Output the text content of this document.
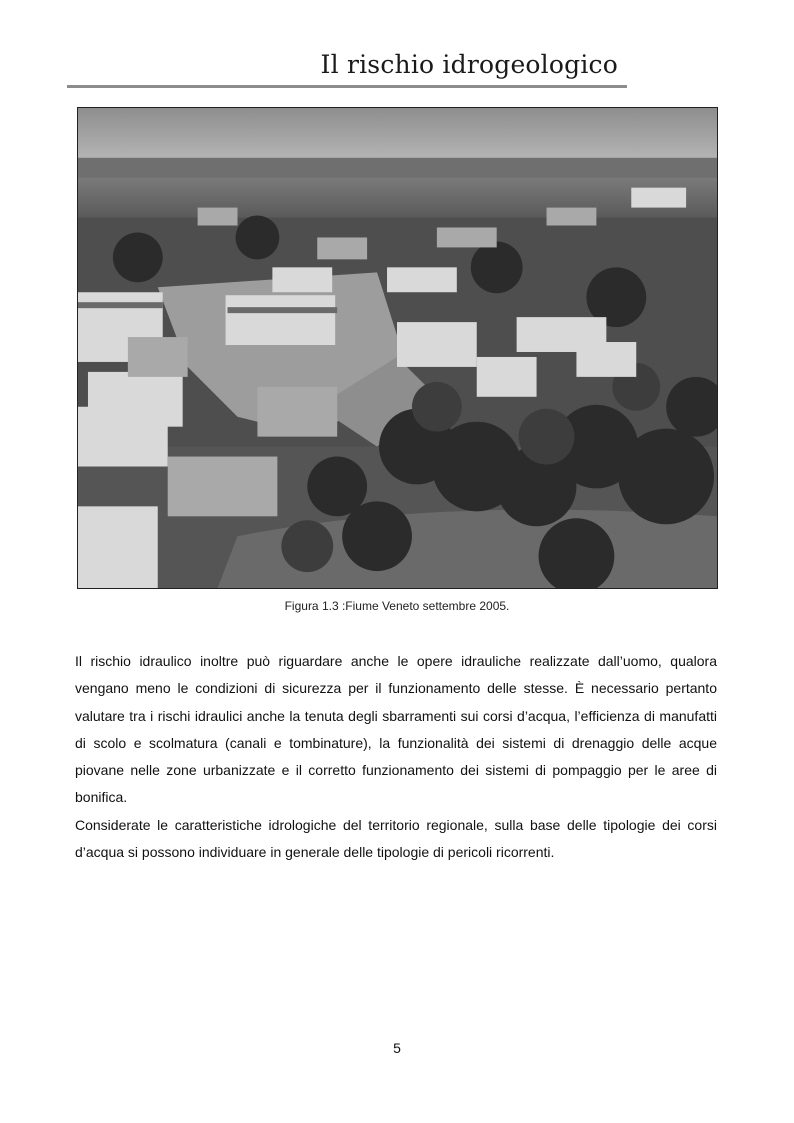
Il rischio idrogeologico
Figura 1.3 :Fiume Veneto settembre 2005.

Il rischio idraulico inoltre può riguardare anche le opere idrauliche realizzate dall’uomo, qualora vengano meno le condizioni di sicurezza per il funzionamento delle stesse. È necessario pertanto valutare tra i rischi idraulici anche la tenuta degli sbarramenti sui corsi d’acqua, l’efficienza di manufatti di scolo e scolmatura (canali e tombinature), la funzionalità dei sistemi di drenaggio delle acque piovane nelle zone urbanizzate e il corretto funzionamento dei sistemi di pompaggio per le aree di bonifica.

Considerate le caratteristiche idrologiche del territorio regionale, sulla base delle tipologie dei corsi d’acqua si possono individuare in generale delle tipologie di pericoli ricorrenti.

5
